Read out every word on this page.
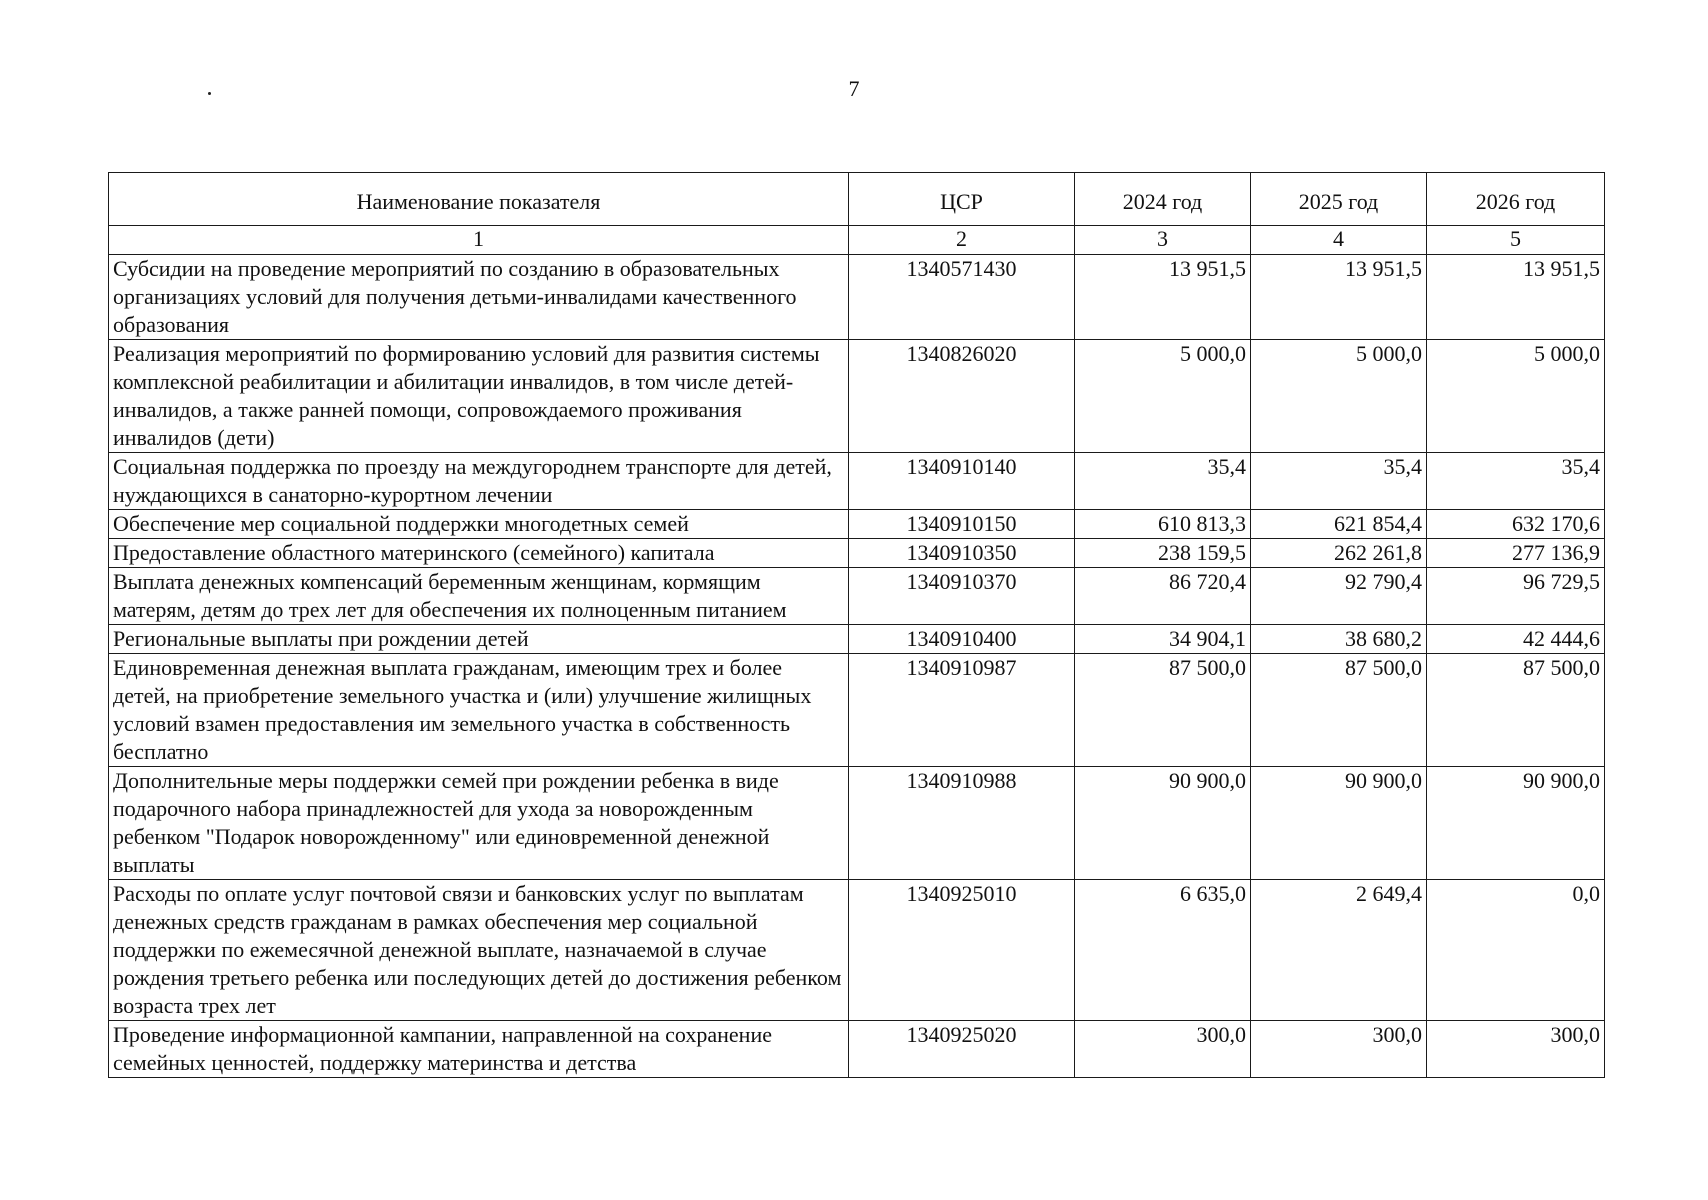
7
Наименование показателя	ЦСР	2024 год	2025 год	2026 год
1	2	3	4	5
Субсидии на проведение мероприятий по созданию в образовательных организациях условий для получения детьми-инвалидами качественного образования	1340571430	13 951,5	13 951,5	13 951,5
Реализация мероприятий по формированию условий для развития системы комплексной реабилитации и абилитации инвалидов, в том числе детей-инвалидов, а также ранней помощи, сопровождаемого проживания инвалидов (дети)	1340826020	5 000,0	5 000,0	5 000,0
Социальная поддержка по проезду на междугороднем транспорте для детей, нуждающихся в санаторно-курортном лечении	1340910140	35,4	35,4	35,4
Обеспечение мер социальной поддержки многодетных семей	1340910150	610 813,3	621 854,4	632 170,6
Предоставление областного материнского (семейного) капитала	1340910350	238 159,5	262 261,8	277 136,9
Выплата денежных компенсаций беременным женщинам, кормящим матерям, детям до трех лет для обеспечения их полноценным питанием	1340910370	86 720,4	92 790,4	96 729,5
Региональные выплаты при рождении детей	1340910400	34 904,1	38 680,2	42 444,6
Единовременная денежная выплата гражданам, имеющим трех и более детей, на приобретение земельного участка и (или) улучшение жилищных условий взамен предоставления им земельного участка в собственность бесплатно	1340910987	87 500,0	87 500,0	87 500,0
Дополнительные меры поддержки семей при рождении ребенка в виде подарочного набора принадлежностей для ухода за новорожденным ребенком "Подарок новорожденному" или единовременной денежной выплаты	1340910988	90 900,0	90 900,0	90 900,0
Расходы по оплате услуг почтовой связи и банковских услуг по выплатам денежных средств гражданам в рамках обеспечения мер социальной поддержки по ежемесячной денежной выплате, назначаемой в случае рождения третьего ребенка или последующих детей до достижения ребенком возраста трех лет	1340925010	6 635,0	2 649,4	0,0
Проведение информационной кампании, направленной на сохранение семейных ценностей, поддержку материнства и детства	1340925020	300,0	300,0	300,0
